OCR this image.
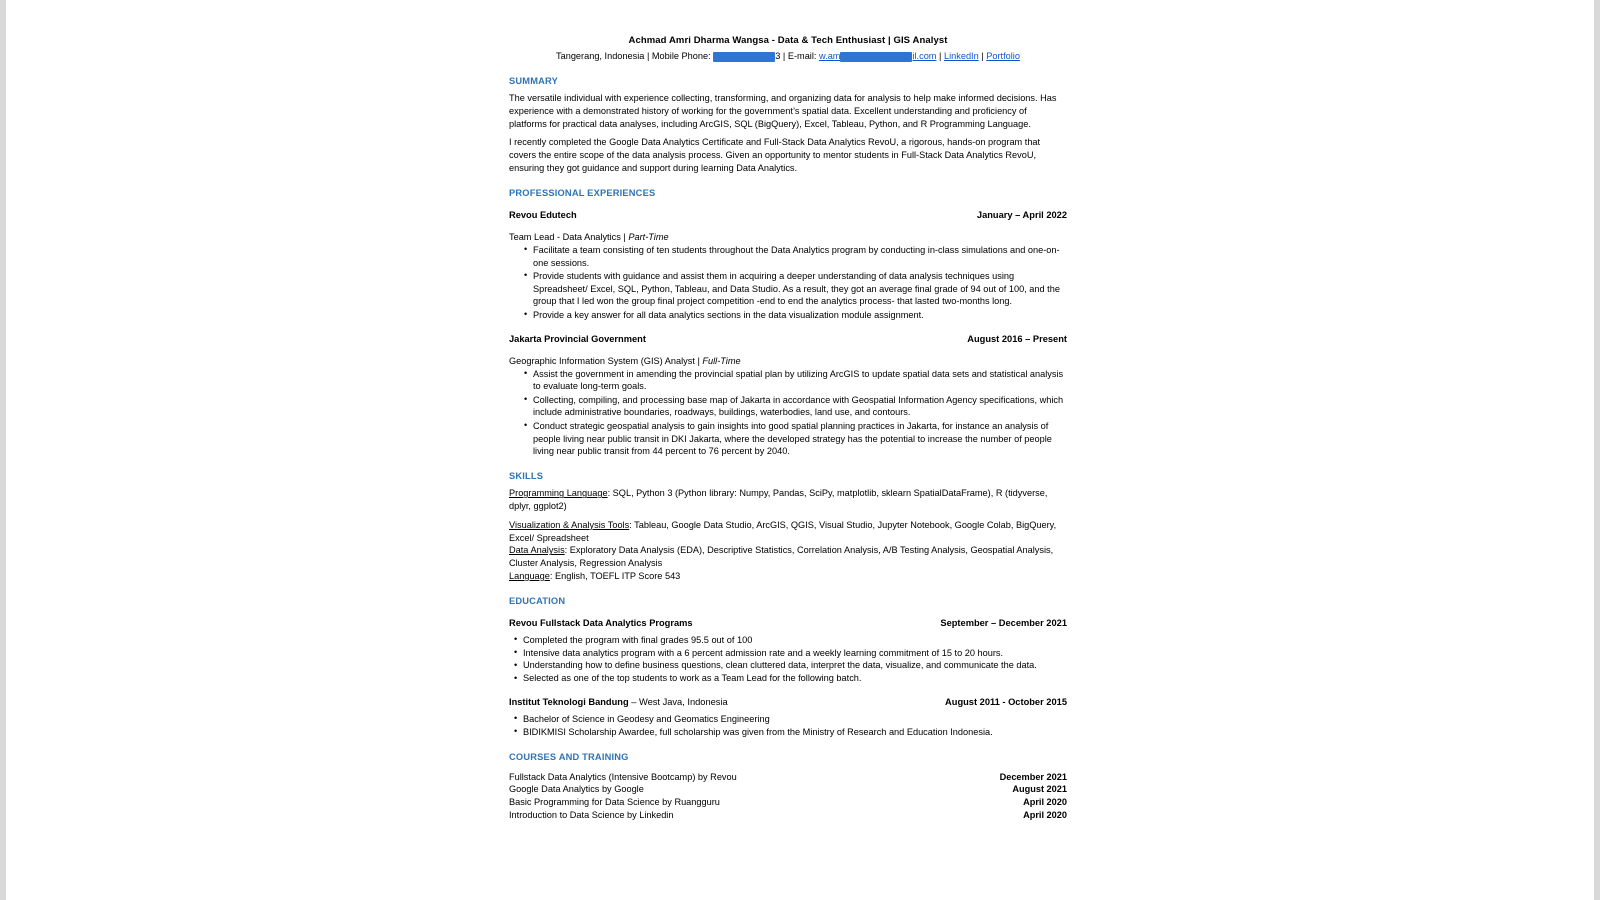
Achmad Amri Dharma Wangsa - Data & Tech Enthusiast | GIS Analyst
Tangerang, Indonesia | Mobile Phone:	3 | E-mail: w.am	il.com | LinkedIn | Portfolio
SUMMARY

The versatile individual with experience collecting, transforming, and organizing data for analysis to help make informed decisions. Has experience with a demonstrated history of working for the government’s spatial data. Excellent understanding and proficiency of platforms for practical data analyses, including ArcGIS, SQL (BigQuery), Excel, Tableau, Python, and R Programming Language.

I recently completed the Google Data Analytics Certificate and Full-Stack Data Analytics RevoU, a rigorous, hands-on program that covers the entire scope of the data analysis process. Given an opportunity to mentor students in Full-Stack Data Analytics RevoU, ensuring they got guidance and support during learning Data Analytics.

PROFESSIONAL EXPERIENCES
Revou Edutech	January – April 2022
Team Lead - Data Analytics | Part-Time
• Facilitate a team consisting of ten students throughout the Data Analytics program by conducting in-class simulations and one-on-one sessions.
• Provide students with guidance and assist them in acquiring a deeper understanding of data analysis techniques using Spreadsheet/ Excel, SQL, Python, Tableau, and Data Studio. As a result, they got an average final grade of 94 out of 100, and the group that I led won the group final project competition -end to end the analytics process- that lasted two-months long.
• Provide a key answer for all data analytics sections in the data visualization module assignment.
Jakarta Provincial Government	August 2016 – Present
Geographic Information System (GIS) Analyst | Full-Time
• Assist the government in amending the provincial spatial plan by utilizing ArcGIS to update spatial data sets and statistical analysis to evaluate long-term goals.
• Collecting, compiling, and processing base map of Jakarta in accordance with Geospatial Information Agency specifications, which include administrative boundaries, roadways, buildings, waterbodies, land use, and contours.
• Conduct strategic geospatial analysis to gain insights into good spatial planning practices in Jakarta, for instance an analysis of people living near public transit in DKI Jakarta, where the developed strategy has the potential to increase the number of people living near public transit from 44 percent to 76 percent by 2040.
SKILLS
Programming Language: SQL, Python 3 (Python library: Numpy, Pandas, SciPy, matplotlib, sklearn SpatialDataFrame), R (tidyverse, dplyr, ggplot2)
Visualization & Analysis Tools: Tableau, Google Data Studio, ArcGIS, QGIS, Visual Studio, Jupyter Notebook, Google Colab, BigQuery, Excel/ Spreadsheet
Data Analysis: Exploratory Data Analysis (EDA), Descriptive Statistics, Correlation Analysis, A/B Testing Analysis, Geospatial Analysis, Cluster Analysis, Regression Analysis
Language: English, TOEFL ITP Score 543
EDUCATION
Revou Fullstack Data Analytics Programs	September – December 2021
• Completed the program with final grades 95.5 out of 100
• Intensive data analytics program with a 6 percent admission rate and a weekly learning commitment of 15 to 20 hours.
• Understanding how to define business questions, clean cluttered data, interpret the data, visualize, and communicate the data.
• Selected as one of the top students to work as a Team Lead for the following batch.
Institut Teknologi Bandung – West Java, Indonesia	August 2011 - October 2015
• Bachelor of Science in Geodesy and Geomatics Engineering
• BIDIKMISI Scholarship Awardee, full scholarship was given from the Ministry of Research and Education Indonesia.
COURSES AND TRAINING
Fullstack Data Analytics (Intensive Bootcamp) by Revou	December 2021
Google Data Analytics by Google	August 2021
Basic Programming for Data Science by Ruangguru	April 2020
Introduction to Data Science by Linkedin	April 2020
